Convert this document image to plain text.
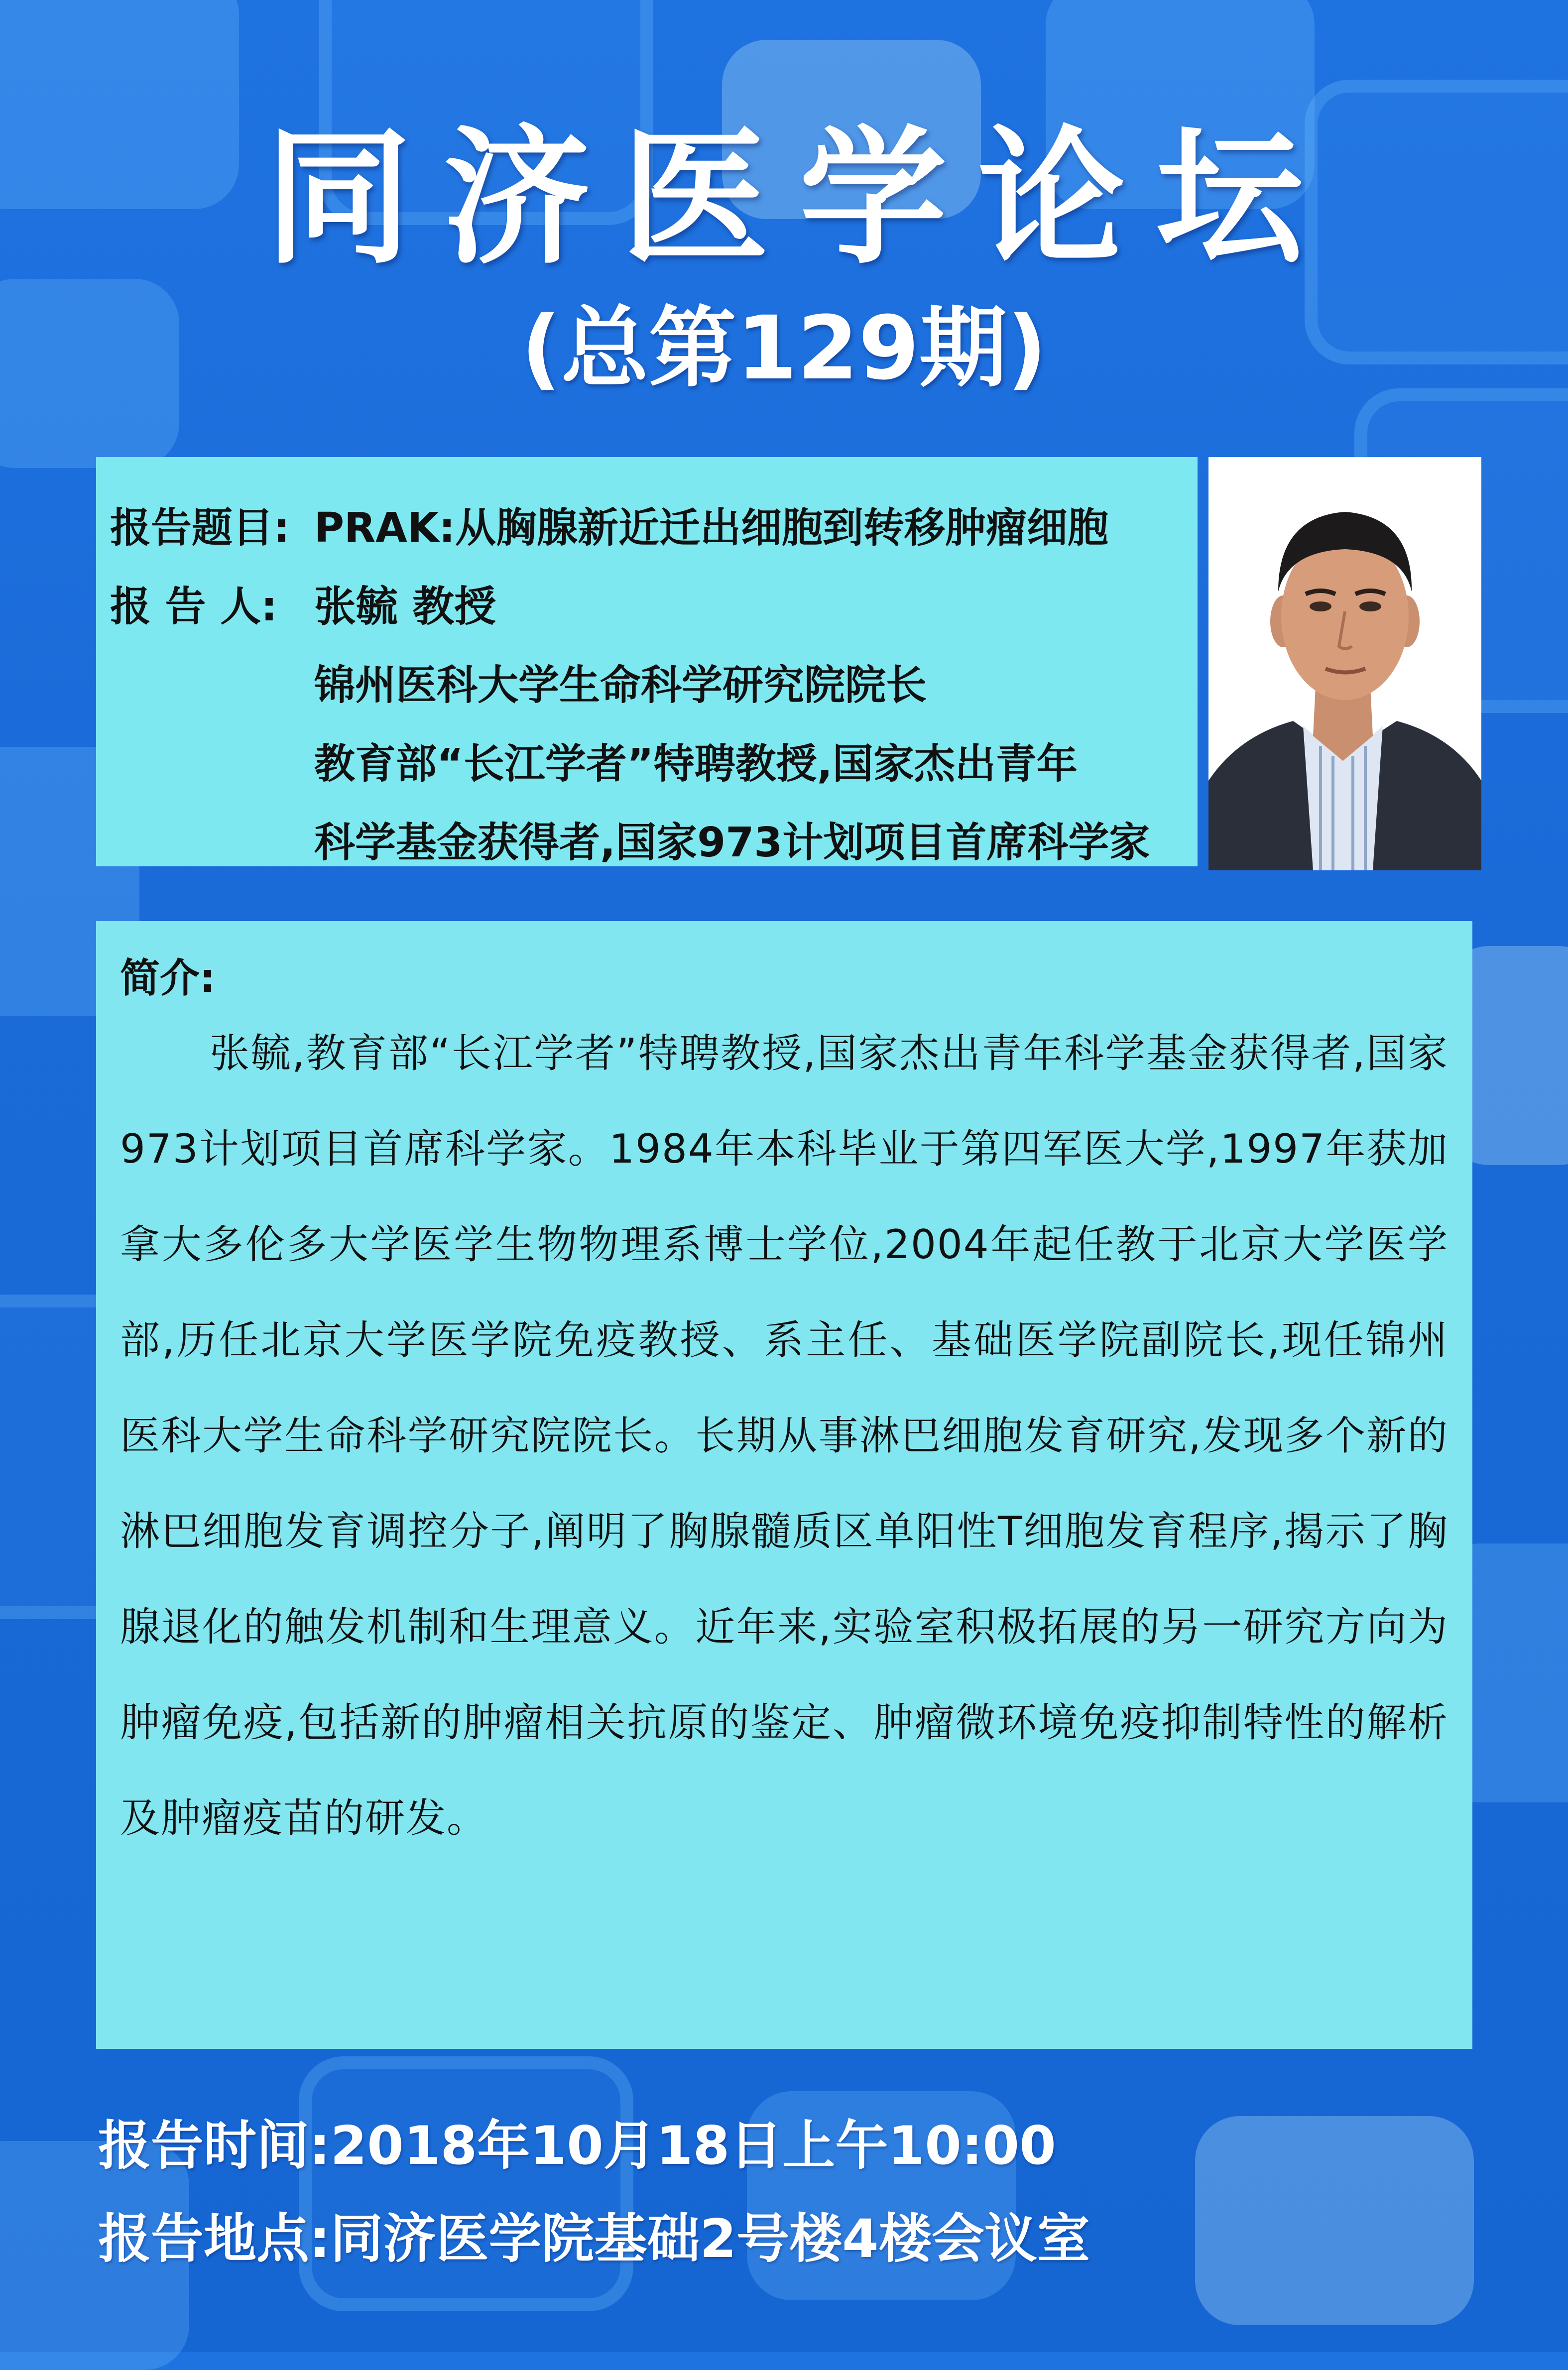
同济医学论坛
(总第129期)
报告题目: PRAK:从胸腺新近迁出细胞到转移肿瘤细胞
报 告 人: 张毓 教授
锦州医科大学生命科学研究院院长
教育部“长江学者”特聘教授,国家杰出青年
科学基金获得者,国家973计划项目首席科学家
简介:

张毓,教育部“长江学者”特聘教授,国家杰出青年科学基金获得者,国家973计划项目首席科学家。1984年本科毕业于第四军医大学,1997年获加拿大多伦多大学医学生物物理系博士学位,2004年起任教于北京大学医学部,历任北京大学医学院免疫教授、系主任、基础医学院副院长,现任锦州医科大学生命科学研究院院长。长期从事淋巴细胞发育研究,发现多个新的淋巴细胞发育调控分子,阐明了胸腺髓质区单阳性T细胞发育程序,揭示了胸腺退化的触发机制和生理意义。近年来,实验室积极拓展的另一研究方向为肿瘤免疫,包括新的肿瘤相关抗原的鉴定、肿瘤微环境免疫抑制特性的解析及肿瘤疫苗的研发。

报告时间:2018年10月18日上午10:00
报告地点:同济医学院基础2号楼4楼会议室
